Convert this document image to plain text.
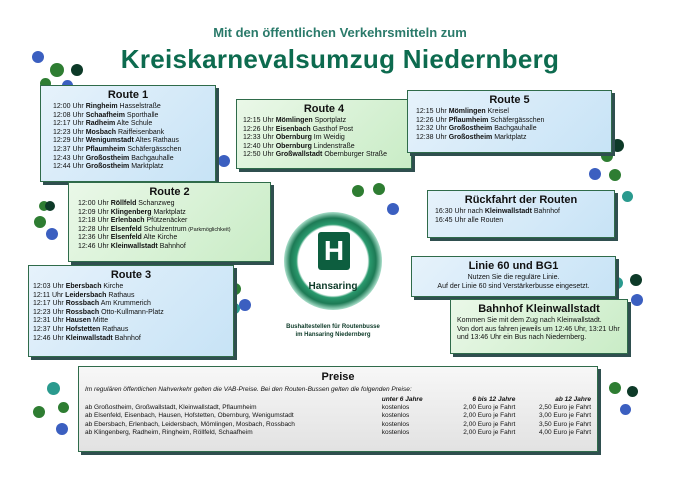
Mit den öffentlichen Verkehrsmitteln zum
Kreiskarnevalsumzug Niedernberg
Route 1
12:00 Uhr Ringheim Hasselstraße
12:08 Uhr Schaafheim Sporthalle
12:17 Uhr Radheim Alte Schule
12:23 Uhr Mosbach Raiffeisenbank
12:29 Uhr Wenigumstadt Altes Rathaus
12:37 Uhr Pflaumheim Schäfergässchen
12:43 Uhr Großostheim Bachgauhalle
12:44 Uhr Großostheim Marktplatz
Route 4
12:15 Uhr Mömlingen Sportplatz
12:26 Uhr Eisenbach Gasthof Post
12:33 Uhr Obernburg Im Weidig
12:40 Uhr Obernburg Lindenstraße
12:50 Uhr Großwallstadt Obernburger Straße
Route 5
12:15 Uhr Mömlingen Kreisel
12:26 Uhr Pflaumheim Schäfergässchen
12:32 Uhr Großostheim Bachgauhalle
12:38 Uhr Großostheim Marktplatz
Route 2
12:00 Uhr Röllfeld Schanzweg
12:09 Uhr Klingenberg Marktplatz
12:18 Uhr Erlenbach Pfützenäcker
12:28 Uhr Elsenfeld Schulzentrum (Parkmöglichkeit)
12:36 Uhr Elsenfeld Alte Kirche
12:46 Uhr Kleinwallstadt Bahnhof
Route 3
12:03 Uhr Ebersbach Kirche
12:11 Uhr Leidersbach Rathaus
12:17 Uhr Rossbach Am Krummerich
12:23 Uhr Rossbach Otto-Kullmann-Platz
12:31 Uhr Hausen Mitte
12:37 Uhr Hofstetten Rathaus
12:46 Uhr Kleinwallstadt Bahnhof
Rückfahrt der Routen
16:30 Uhr nach Kleinwallstadt Bahnhof
16:45 Uhr alle Routen
Linie 60 und BG1
Nutzen Sie die reguläre Linie.
Auf der Linie 60 sind Verstärkerbusse eingesetzt.
Bahnhof Kleinwallstadt
Kommen Sie mit dem Zug nach Kleinwallstadt.
Von dort aus fahren jeweils um 12:46 Uhr, 13:21 Uhr
und 13:46 Uhr ein Bus nach Niedernberg.
H
Hansaring
Bushaltestellen für Routenbusse
im Hansaring Niedernberg
Preise
Im regulären öffentlichen Nahverkehr gelten die VAB-Preise. Bei den Routen-Bussen gelten die folgenden Preise:
	unter 6 Jahre	6 bis 12 Jahre	ab 12 Jahre
ab Großostheim, Großwallstadt, Kleinwallstadt, Pflaumheim	kostenlos	2,00 Euro je Fahrt	2,50 Euro je Fahrt
ab Elsenfeld, Eisenbach, Hausen, Hofstetten, Obernburg, Wenigumstadt	kostenlos	2,00 Euro je Fahrt	3,00 Euro je Fahrt
ab Ebersbach, Erlenbach, Leidersbach, Mömlingen, Mosbach, Rossbach	kostenlos	2,00 Euro je Fahrt	3,50 Euro je Fahrt
ab Klingenberg, Radheim, Ringheim, Röllfeld, Schaafheim	kostenlos	2,00 Euro je Fahrt	4,00 Euro je Fahrt
